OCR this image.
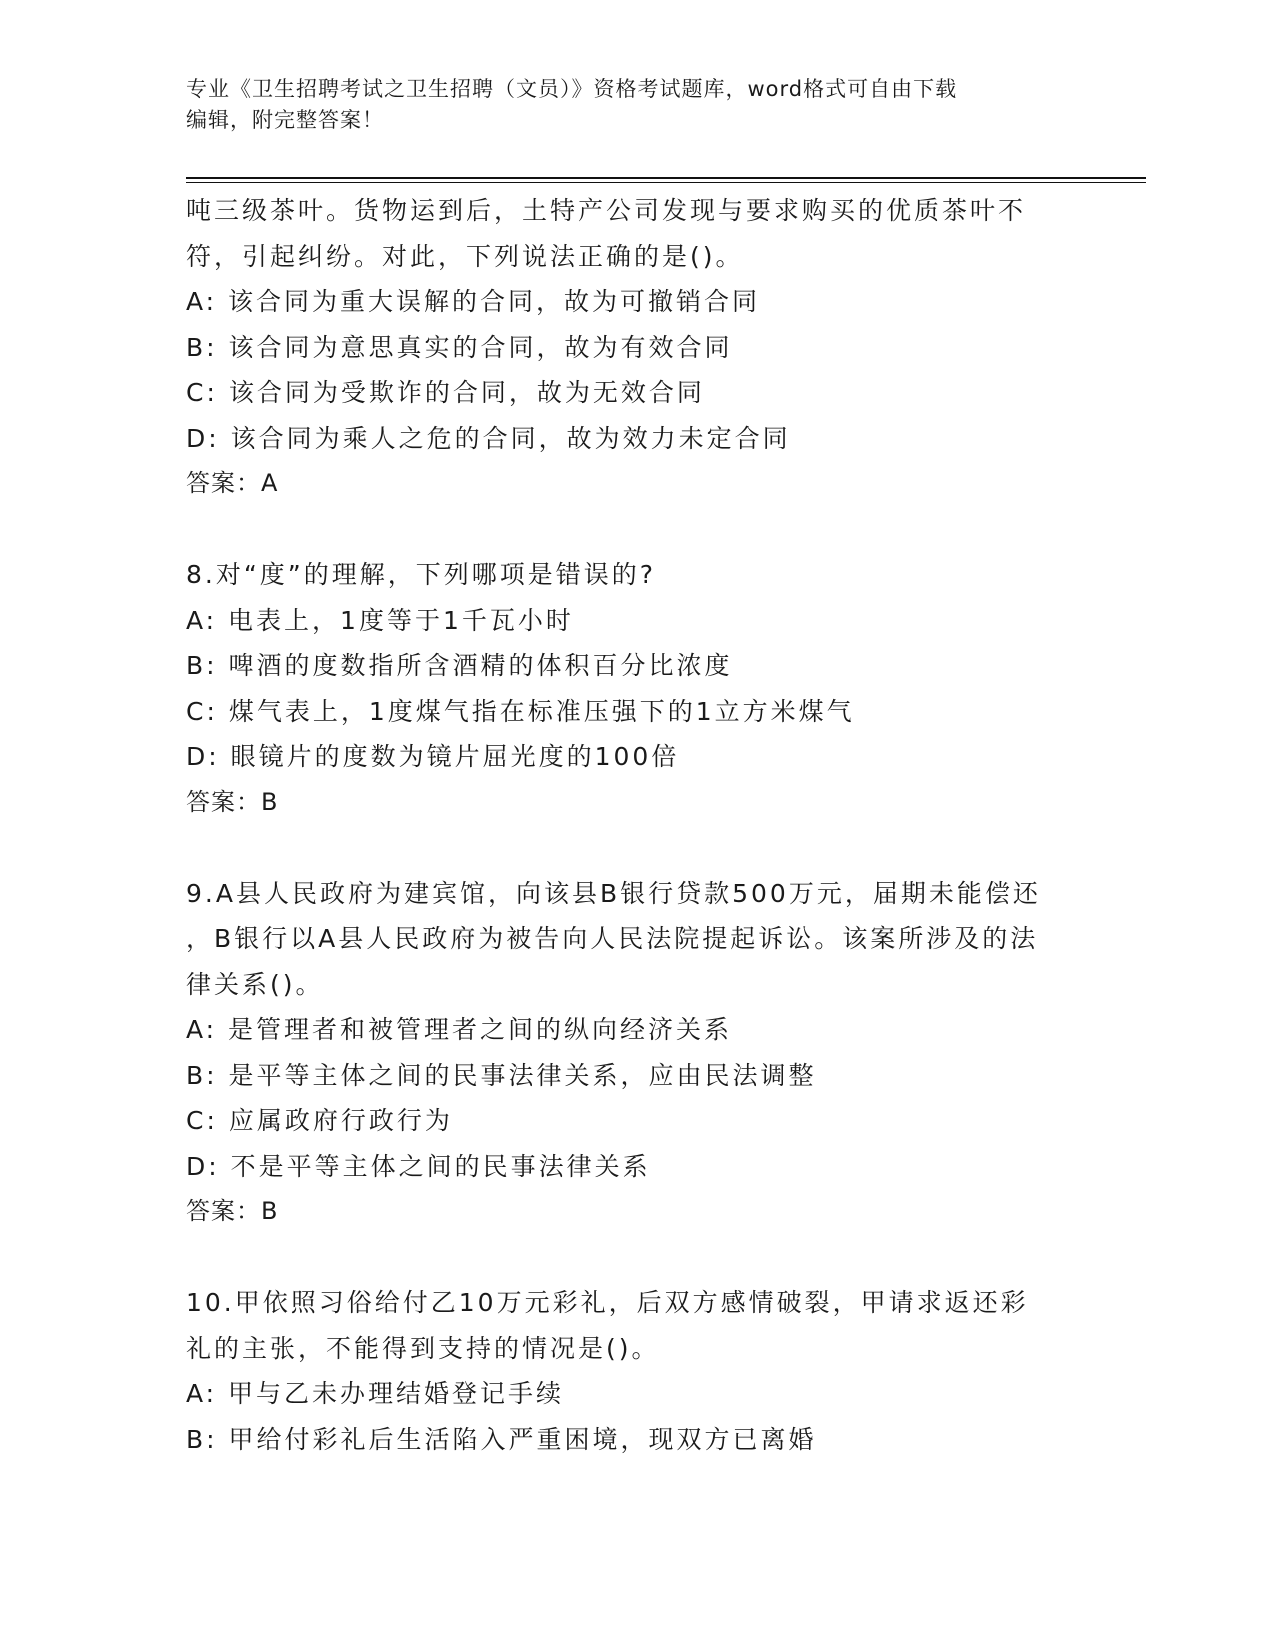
专业《卫生招聘考试之卫生招聘（文员）》资格考试题库，word格式可自由下载
编辑，附完整答案！
吨三级茶叶。货物运到后，土特产公司发现与要求购买的优质茶叶不
符，引起纠纷。对此，下列说法正确的是()。
A: 该合同为重大误解的合同，故为可撤销合同
B: 该合同为意思真实的合同，故为有效合同
C: 该合同为受欺诈的合同，故为无效合同
D: 该合同为乘人之危的合同，故为效力未定合同
答案：A
8.对“度”的理解，下列哪项是错误的?
A: 电表上，1度等于1千瓦小时
B: 啤酒的度数指所含酒精的体积百分比浓度
C: 煤气表上，1度煤气指在标准压强下的1立方米煤气
D: 眼镜片的度数为镜片屈光度的100倍
答案：B
9.A县人民政府为建宾馆，向该县B银行贷款500万元，届期未能偿还
，B银行以A县人民政府为被告向人民法院提起诉讼。该案所涉及的法
律关系()。
A: 是管理者和被管理者之间的纵向经济关系
B: 是平等主体之间的民事法律关系，应由民法调整
C: 应属政府行政行为
D: 不是平等主体之间的民事法律关系
答案：B
10.甲依照习俗给付乙10万元彩礼，后双方感情破裂，甲请求返还彩
礼的主张，不能得到支持的情况是()。
A: 甲与乙未办理结婚登记手续
B: 甲给付彩礼后生活陷入严重困境，现双方已离婚
